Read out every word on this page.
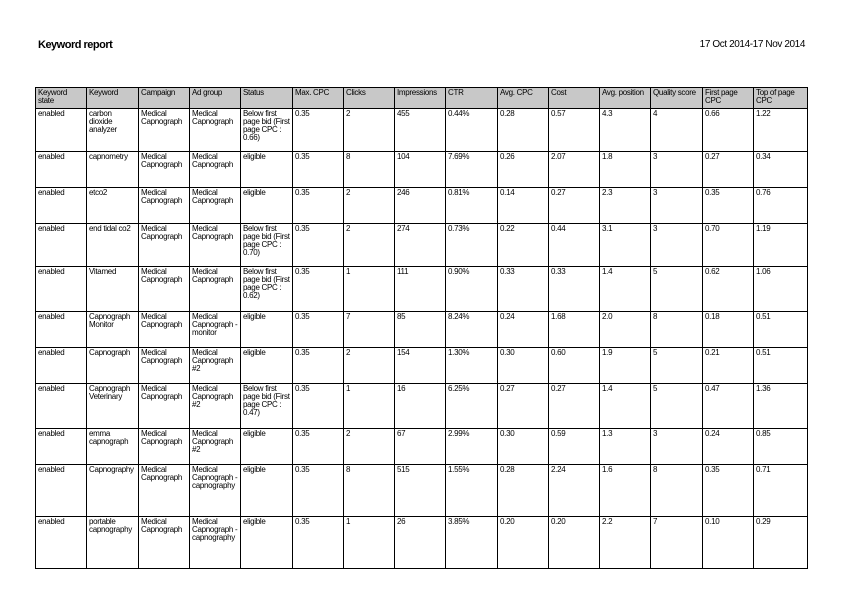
Keyword report	17 Oct 2014-17 Nov 2014
Keyword state	Keyword	Campaign	Ad group	Status	Max. CPC	Clicks	Impressions	CTR	Avg. CPC	Cost	Avg. position	Quality score	First page CPC	Top of page CPC
enabled	carbon dioxide analyzer	Medical Capnograph	Medical Capnograph	Below first page bid (First page CPC : 0.66)	0.35	2	455	0.44%	0.28	0.57	4.3	4	0.66	1.22
enabled	capnometry	Medical Capnograph	Medical Capnograph	eligible	0.35	8	104	7.69%	0.26	2.07	1.8	3	0.27	0.34
enabled	etco2	Medical Capnograph	Medical Capnograph	eligible	0.35	2	246	0.81%	0.14	0.27	2.3	3	0.35	0.76
enabled	end tidal co2	Medical Capnograph	Medical Capnograph	Below first page bid (First page CPC : 0.70)	0.35	2	274	0.73%	0.22	0.44	3.1	3	0.70	1.19
enabled	Vitamed	Medical Capnograph	Medical Capnograph	Below first page bid (First page CPC : 0.62)	0.35	1	111	0.90%	0.33	0.33	1.4	5	0.62	1.06
enabled	Capnograph Monitor	Medical Capnograph	Medical Capnograph - monitor	eligible	0.35	7	85	8.24%	0.24	1.68	2.0	8	0.18	0.51
enabled	Capnograph	Medical Capnograph	Medical Capnograph #2	eligible	0.35	2	154	1.30%	0.30	0.60	1.9	5	0.21	0.51
enabled	Capnograph Veterinary	Medical Capnograph	Medical Capnograph #2	Below first page bid (First page CPC : 0.47)	0.35	1	16	6.25%	0.27	0.27	1.4	5	0.47	1.36
enabled	emma capnograph	Medical Capnograph	Medical Capnograph #2	eligible	0.35	2	67	2.99%	0.30	0.59	1.3	3	0.24	0.85
enabled	Capnography	Medical Capnograph	Medical Capnograph - capnography	eligible	0.35	8	515	1.55%	0.28	2.24	1.6	8	0.35	0.71
enabled	portable capnography	Medical Capnograph	Medical Capnograph - capnography	eligible	0.35	1	26	3.85%	0.20	0.20	2.2	7	0.10	0.29
